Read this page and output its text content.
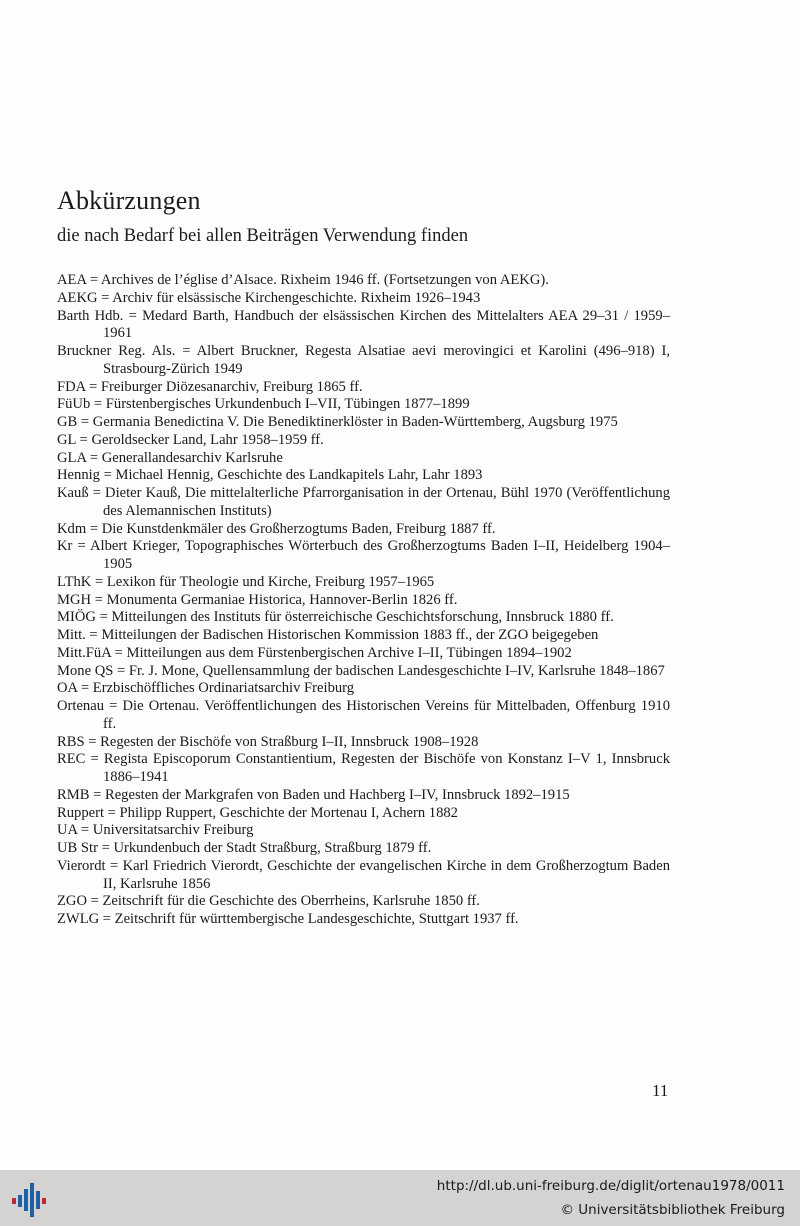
Abkürzungen
die nach Bedarf bei allen Beiträgen Verwendung finden
AEA = Archives de l’église d’Alsace. Rixheim 1946 ff. (Fortsetzungen von AEKG).
AEKG = Archiv für elsässische Kirchengeschichte. Rixheim 1926–1943
Barth Hdb. = Medard Barth, Handbuch der elsässischen Kirchen des Mittelalters AEA 29–31 / 1959–1961
Bruckner Reg. Als. = Albert Bruckner, Regesta Alsatiae aevi merovingici et Karolini (496–918) I, Strasbourg-Zürich 1949
FDA = Freiburger Diözesanarchiv, Freiburg 1865 ff.
FüUb = Fürstenbergisches Urkundenbuch I–VII, Tübingen 1877–1899
GB = Germania Benedictina V. Die Benediktinerklöster in Baden-Württemberg, Augsburg 1975
GL = Geroldsecker Land, Lahr 1958–1959 ff.
GLA = Generallandesarchiv Karlsruhe
Hennig = Michael Hennig, Geschichte des Landkapitels Lahr, Lahr 1893
Kauß = Dieter Kauß, Die mittelalterliche Pfarrorganisation in der Ortenau, Bühl 1970 (Veröffentlichung des Alemannischen Instituts)
Kdm = Die Kunstdenkmäler des Großherzogtums Baden, Freiburg 1887 ff.
Kr = Albert Krieger, Topographisches Wörterbuch des Großherzogtums Baden I–II, Heidelberg 1904–1905
LThK = Lexikon für Theologie und Kirche, Freiburg 1957–1965
MGH = Monumenta Germaniae Historica, Hannover-Berlin 1826 ff.
MIÖG = Mitteilungen des Instituts für österreichische Geschichtsforschung, Innsbruck 1880 ff.
Mitt. = Mitteilungen der Badischen Historischen Kommission 1883 ff., der ZGO beigegeben
Mitt.FüA = Mitteilungen aus dem Fürstenbergischen Archive I–II, Tübingen 1894–1902
Mone QS = Fr. J. Mone, Quellensammlung der badischen Landesgeschichte I–IV, Karlsruhe 1848–1867
OA = Erzbischöffliches Ordinariatsarchiv Freiburg
Ortenau = Die Ortenau. Veröffentlichungen des Historischen Vereins für Mittelbaden, Offenburg 1910 ff.
RBS = Regesten der Bischöfe von Straßburg I–II, Innsbruck 1908–1928
REC = Regista Episcoporum Constantientium, Regesten der Bischöfe von Konstanz I–V 1, Innsbruck 1886–1941
RMB = Regesten der Markgrafen von Baden und Hachberg I–IV, Innsbruck 1892–1915
Ruppert = Philipp Ruppert, Geschichte der Mortenau I, Achern 1882
UA = Universitatsarchiv Freiburg
UB Str = Urkundenbuch der Stadt Straßburg, Straßburg 1879 ff.
Vierordt = Karl Friedrich Vierordt, Geschichte der evangelischen Kirche in dem Großherzogtum Baden II, Karlsruhe 1856
ZGO = Zeitschrift für die Geschichte des Oberrheins, Karlsruhe 1850 ff.
ZWLG = Zeitschrift für württembergische Landesgeschichte, Stuttgart 1937 ff.
11
http://dl.ub.uni-freiburg.de/diglit/ortenau1978/0011
© Universitätsbibliothek Freiburg
